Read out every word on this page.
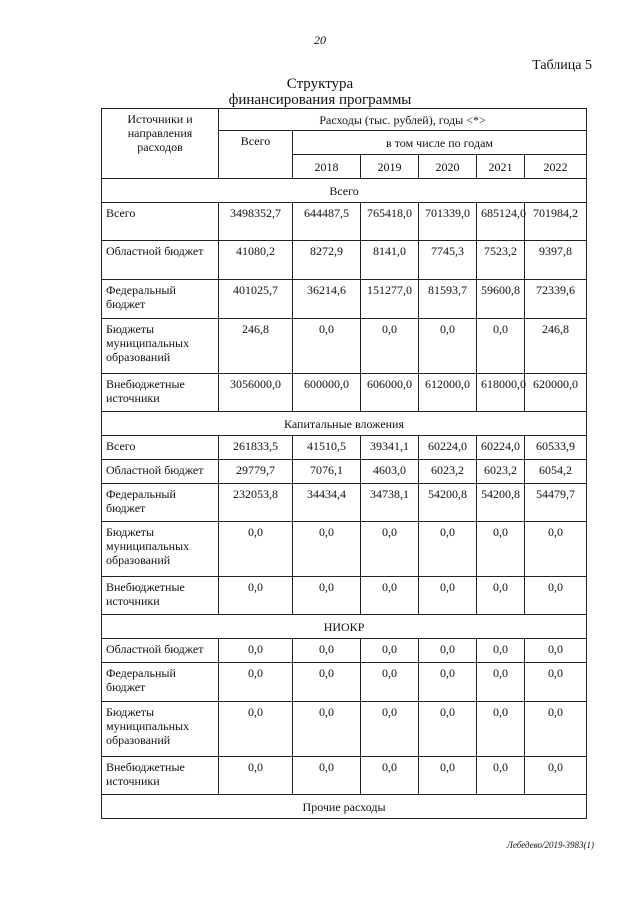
20
Таблица 5
Структура
финансирования программы
Источники и направления расходов	Расходы (тыс. рублей), годы <*>					
	Всего	в том числе по годам				
		2018	2019	2020	2021	2022
Всего						
Всего	3498352,7	644487,5	765418,0	701339,0	685124,0	701984,2
Областной бюджет	41080,2	8272,9	8141,0	7745,3	7523,2	9397,8
Федеральный бюджет	401025,7	36214,6	151277,0	81593,7	59600,8	72339,6
Бюджеты муниципальных образований	246,8	0,0	0,0	0,0	0,0	246,8
Внебюджетные источники	3056000,0	600000,0	606000,0	612000,0	618000,0	620000,0
Капитальные вложения						
Всего	261833,5	41510,5	39341,1	60224,0	60224,0	60533,9
Областной бюджет	29779,7	7076,1	4603,0	6023,2	6023,2	6054,2
Федеральный бюджет	232053,8	34434,4	34738,1	54200,8	54200,8	54479,7
Бюджеты муниципальных образований	0,0	0,0	0,0	0,0	0,0	0,0
Внебюджетные источники	0,0	0,0	0,0	0,0	0,0	0,0
НИОКР						
Областной бюджет	0,0	0,0	0,0	0,0	0,0	0,0
Федеральный бюджет	0,0	0,0	0,0	0,0	0,0	0,0
Бюджеты муниципальных образований	0,0	0,0	0,0	0,0	0,0	0,0
Внебюджетные источники	0,0	0,0	0,0	0,0	0,0	0,0
Прочие расходы						
Лебедево/2019-3983(1)
